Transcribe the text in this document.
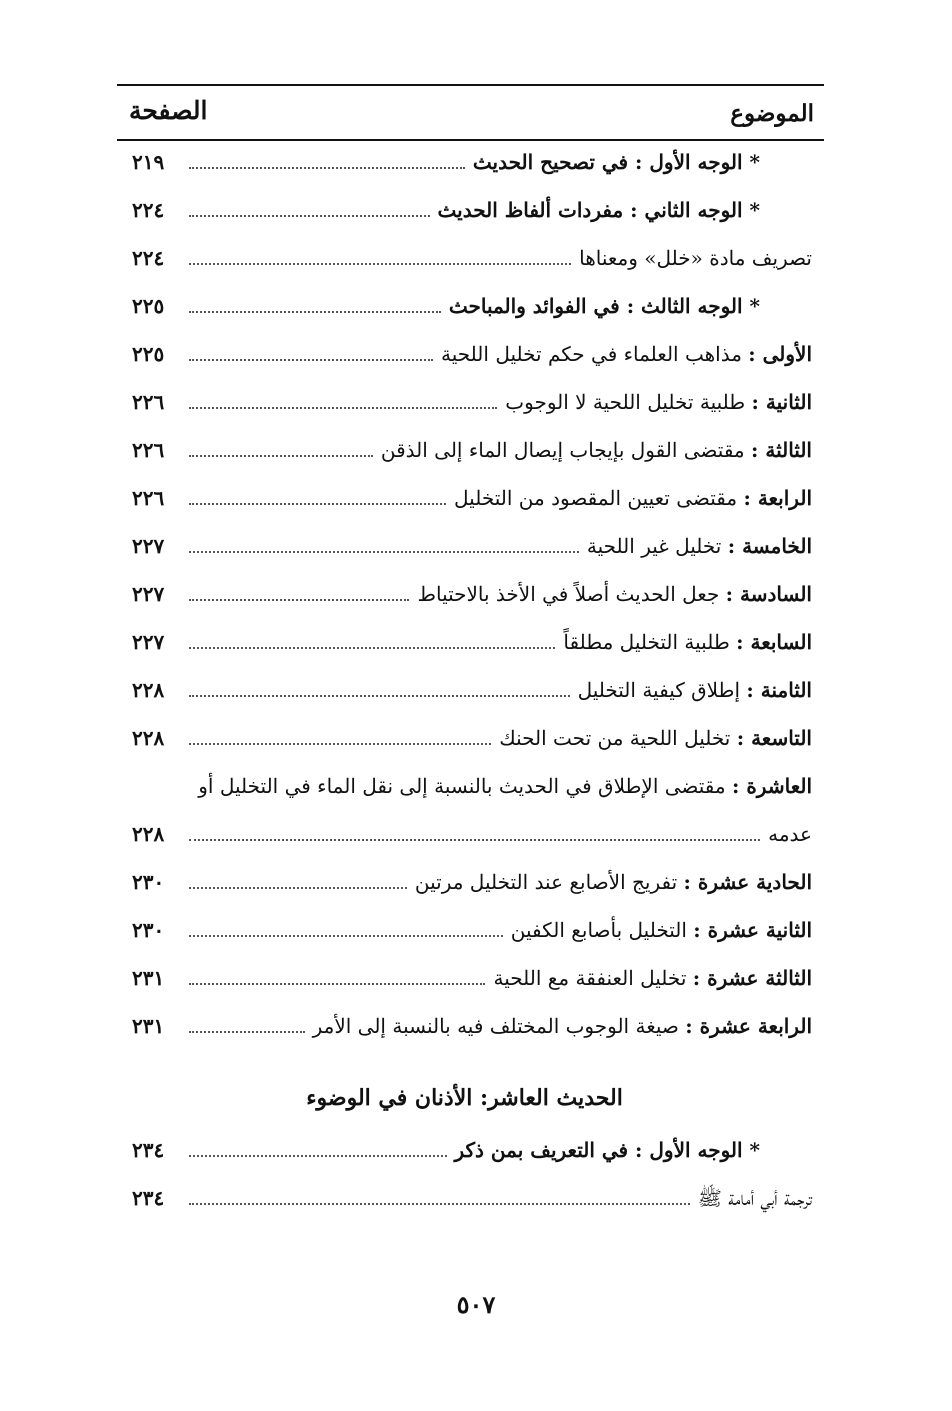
الموضوع
الصفحة
* الوجه الأول : في تصحيح الحديث
٢١٩
* الوجه الثاني : مفردات ألفاظ الحديث
٢٢٤
تصريف مادة «خلل» ومعناها
٢٢٤
* الوجه الثالث : في الفوائد والمباحث
٢٢٥
الأولى : مذاهب العلماء في حكم تخليل اللحية
٢٢٥
الثانية : طلبية تخليل اللحية لا الوجوب
٢٢٦
الثالثة : مقتضى القول بإيجاب إيصال الماء إلى الذقن
٢٢٦
الرابعة : مقتضى تعيين المقصود من التخليل
٢٢٦
الخامسة : تخليل غير اللحية
٢٢٧
السادسة : جعل الحديث أصلاً في الأخذ بالاحتياط
٢٢٧
السابعة : طلبية التخليل مطلقاً
٢٢٧
الثامنة : إطلاق كيفية التخليل
٢٢٨
التاسعة : تخليل اللحية من تحت الحنك
٢٢٨
العاشرة : مقتضى الإطلاق في الحديث بالنسبة إلى نقل الماء في التخليل أو
عدمه
٢٢٨
الحادية عشرة : تفريج الأصابع عند التخليل مرتين
٢٣٠
الثانية عشرة : التخليل بأصابع الكفين
٢٣٠
الثالثة عشرة : تخليل العنفقة مع اللحية
٢٣١
الرابعة عشرة : صيغة الوجوب المختلف فيه بالنسبة إلى الأمر
٢٣١
* الوجه الأول : في التعريف بمن ذكر
٢٣٤
ترجمة أبي أمامة ﷺ
٢٣٤
الحديث العاشر: الأذنان في الوضوء
٥٠٧
